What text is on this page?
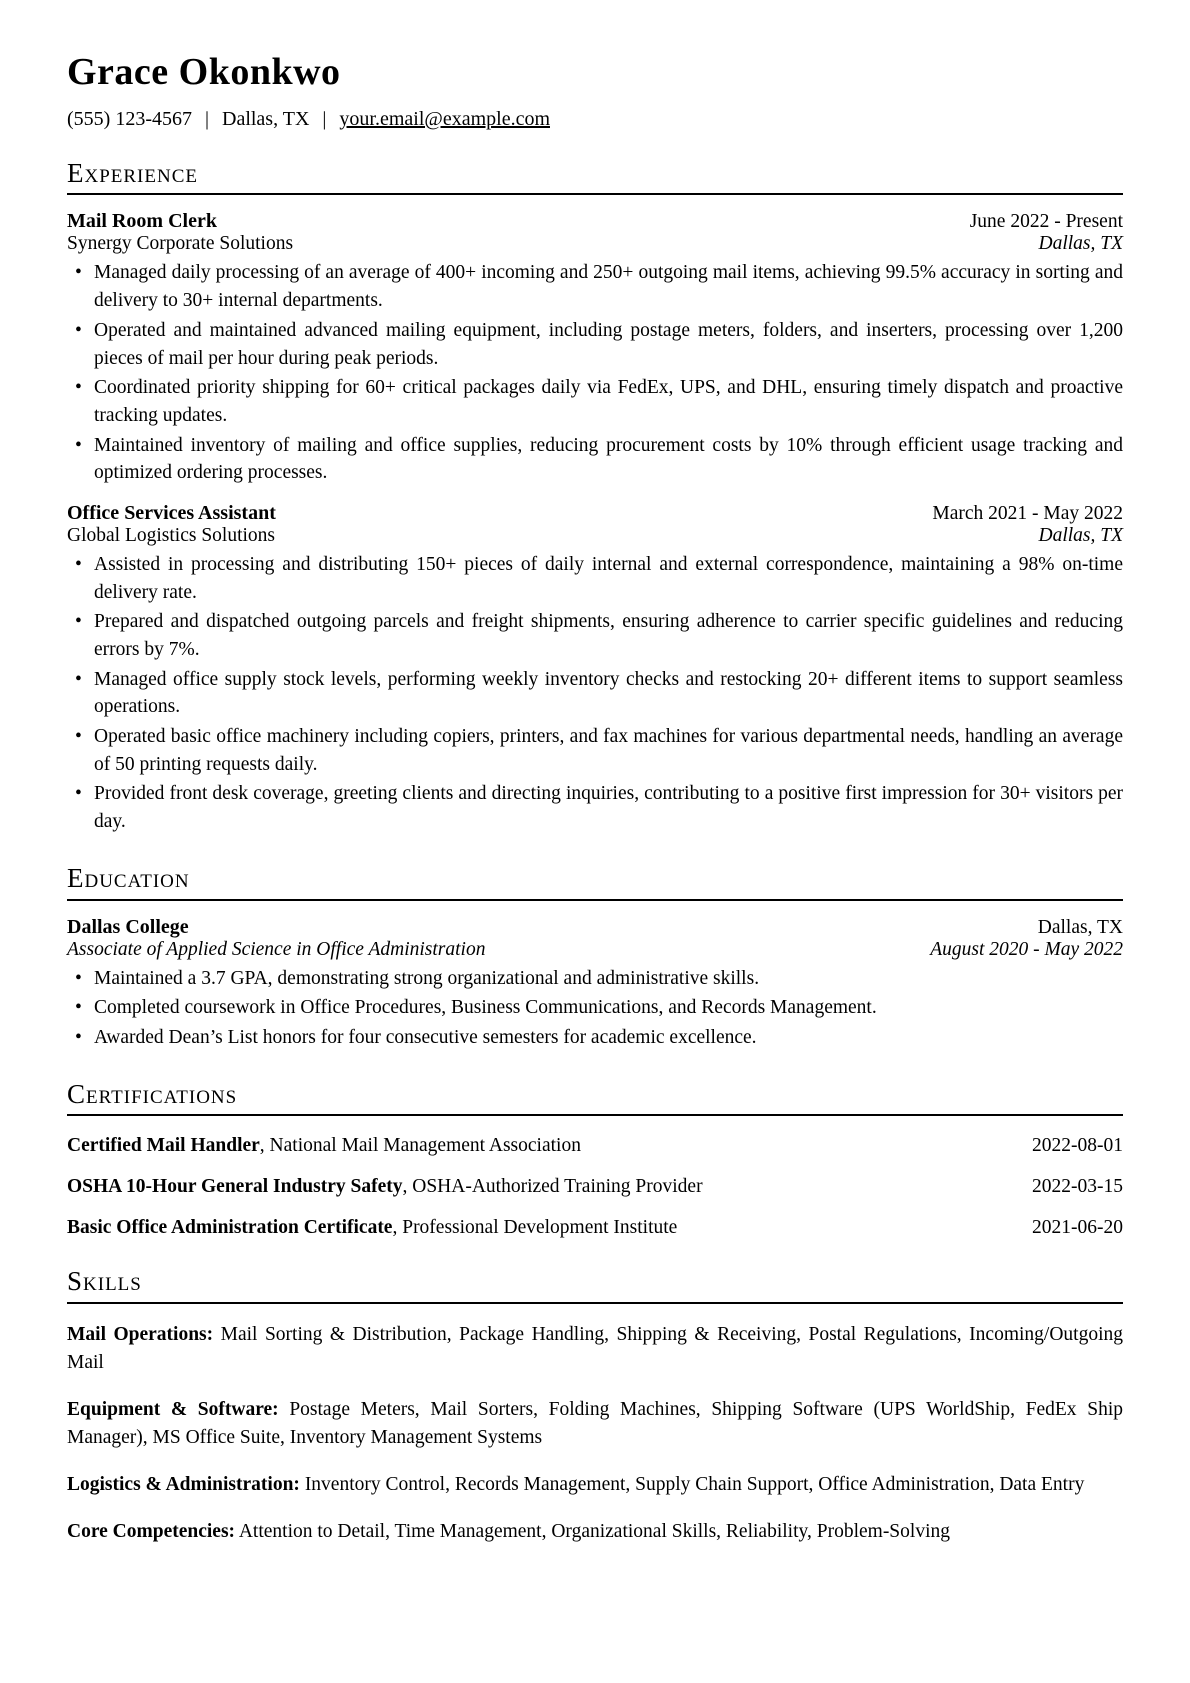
Grace Okonkwo
(555) 123-4567 | Dallas, TX | your.email@example.com
Experience
Mail Room Clerk	June 2022 - Present
Synergy Corporate Solutions	Dallas, TX
• Managed daily processing of an average of 400+ incoming and 250+ outgoing mail items, achieving 99.5% accuracy in sorting and delivery to 30+ internal departments.
• Operated and maintained advanced mailing equipment, including postage meters, folders, and inserters, processing over 1,200 pieces of mail per hour during peak periods.
• Coordinated priority shipping for 60+ critical packages daily via FedEx, UPS, and DHL, ensuring timely dispatch and proactive tracking updates.
• Maintained inventory of mailing and office supplies, reducing procurement costs by 10% through efficient usage tracking and optimized ordering processes.
Office Services Assistant	March 2021 - May 2022
Global Logistics Solutions	Dallas, TX
• Assisted in processing and distributing 150+ pieces of daily internal and external correspondence, maintaining a 98% on-time delivery rate.
• Prepared and dispatched outgoing parcels and freight shipments, ensuring adherence to carrier specific guidelines and reducing errors by 7%.
• Managed office supply stock levels, performing weekly inventory checks and restocking 20+ different items to support seamless operations.
• Operated basic office machinery including copiers, printers, and fax machines for various departmental needs, handling an average of 50 printing requests daily.
• Provided front desk coverage, greeting clients and directing inquiries, contributing to a positive first impression for 30+ visitors per day.
Education
Dallas College	Dallas, TX
Associate of Applied Science in Office Administration	August 2020 - May 2022
• Maintained a 3.7 GPA, demonstrating strong organizational and administrative skills.
• Completed coursework in Office Procedures, Business Communications, and Records Management.
• Awarded Dean’s List honors for four consecutive semesters for academic excellence.
Certifications
Certified Mail Handler, National Mail Management Association	2022-08-01
OSHA 10-Hour General Industry Safety, OSHA-Authorized Training Provider	2022-03-15
Basic Office Administration Certificate, Professional Development Institute	2021-06-20
Skills

Mail Operations: Mail Sorting & Distribution, Package Handling, Shipping & Receiving, Postal Regulations, Incoming/Outgoing Mail

Equipment & Software: Postage Meters, Mail Sorters, Folding Machines, Shipping Software (UPS WorldShip, FedEx Ship Manager), MS Office Suite, Inventory Management Systems

Logistics & Administration: Inventory Control, Records Management, Supply Chain Support, Office Administration, Data Entry

Core Competencies: Attention to Detail, Time Management, Organizational Skills, Reliability, Problem-Solving
